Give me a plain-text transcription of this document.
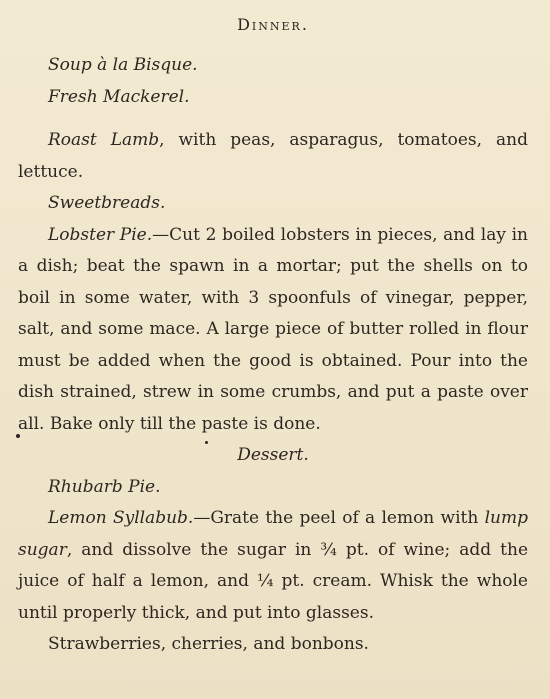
Dinner.

Soup à la Bisque.

Fresh Mackerel.

Roast Lamb, with peas, asparagus, tomatoes, and lettuce.

Sweetbreads.

Lobster Pie.—Cut 2 boiled lobsters in pieces, and lay in a dish; beat the spawn in a mortar; put the shells on to boil in some water, with 3 spoonfuls of vinegar, pepper, salt, and some mace. A large piece of butter rolled in flour must be added when the good is obtained. Pour into the dish strained, strew in some crumbs, and put a paste over all. Bake only till the paste is done.

Dessert.

Rhubarb Pie.

Lemon Syllabub.—Grate the peel of a lemon with lump sugar, and dissolve the sugar in ¾ pt. of wine; add the juice of half a lemon, and ¼ pt. cream. Whisk the whole until properly thick, and put into glasses.

Strawberries, cherries, and bonbons.
